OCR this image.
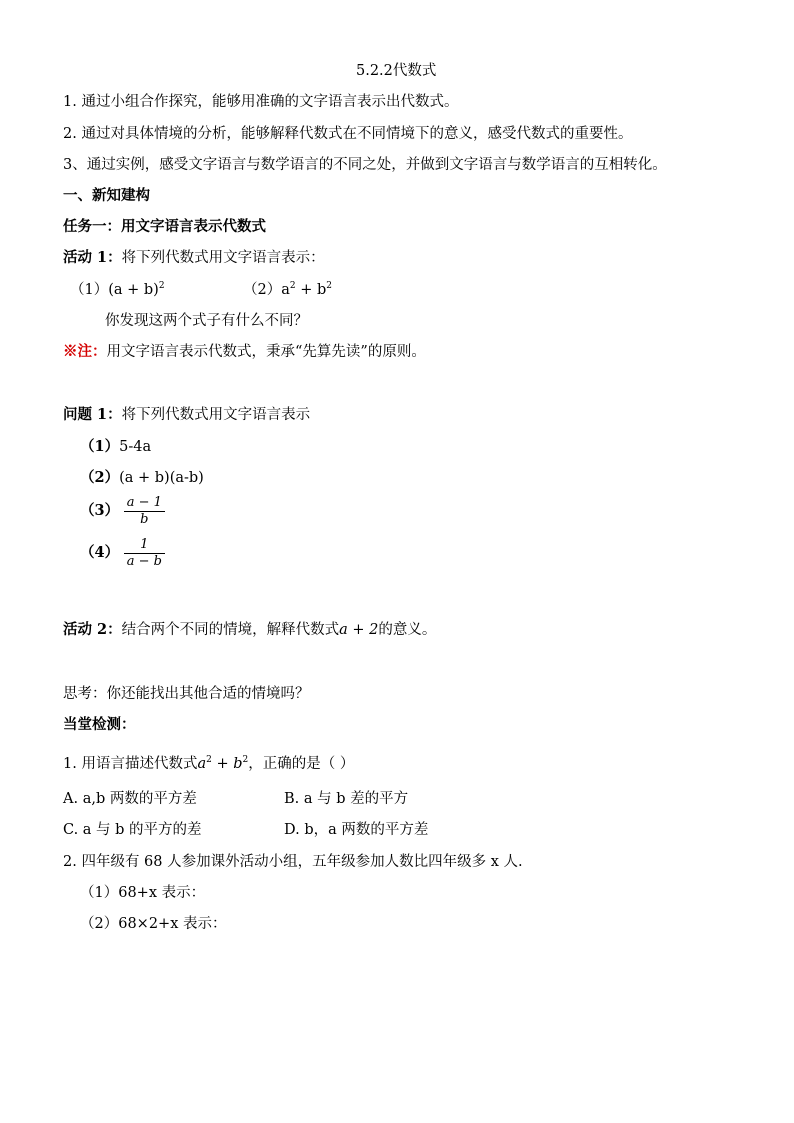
5.2.2代数式
1. 通过小组合作探究，能够用准确的文字语言表示出代数式。
2. 通过对具体情境的分析，能够解释代数式在不同情境下的意义，感受代数式的重要性。
3、通过实例，感受文字语言与数学语言的不同之处，并做到文字语言与数学语言的互相转化。
一、新知建构
任务一：用文字语言表示代数式
活动 1：将下列代数式用文字语言表示：
$(1)(a + b)^2$	$(2)a^2 + b^2$
你发现这两个式子有什么不同？
※注：用文字语言表示代数式，秉承“先算先读”的原则。
问题 1：将下列代数式用文字语言表示
（1）5-4a
（2）(a + b)(a-b)
$(3) \frac{a - 1}{b}$
$(4) \frac{1}{a - b}$
活动 2：结合两个不同的情境，解释代数式a + 2的意义。
思考：你还能找出其他合适的情境吗？
当堂检测：
1. 用语言描述代数式$a^2 + b^2$，正确的是（ ）
A. a,b 两数的平方差	B. a 与 b 差的平方
C. a 与 b 的平方的差	D. b，a 两数的平方差
2. 四年级有 68 人参加课外活动小组，五年级参加人数比四年级多 x 人.
（1）68+x 表示：
（2）68×2+x 表示：
